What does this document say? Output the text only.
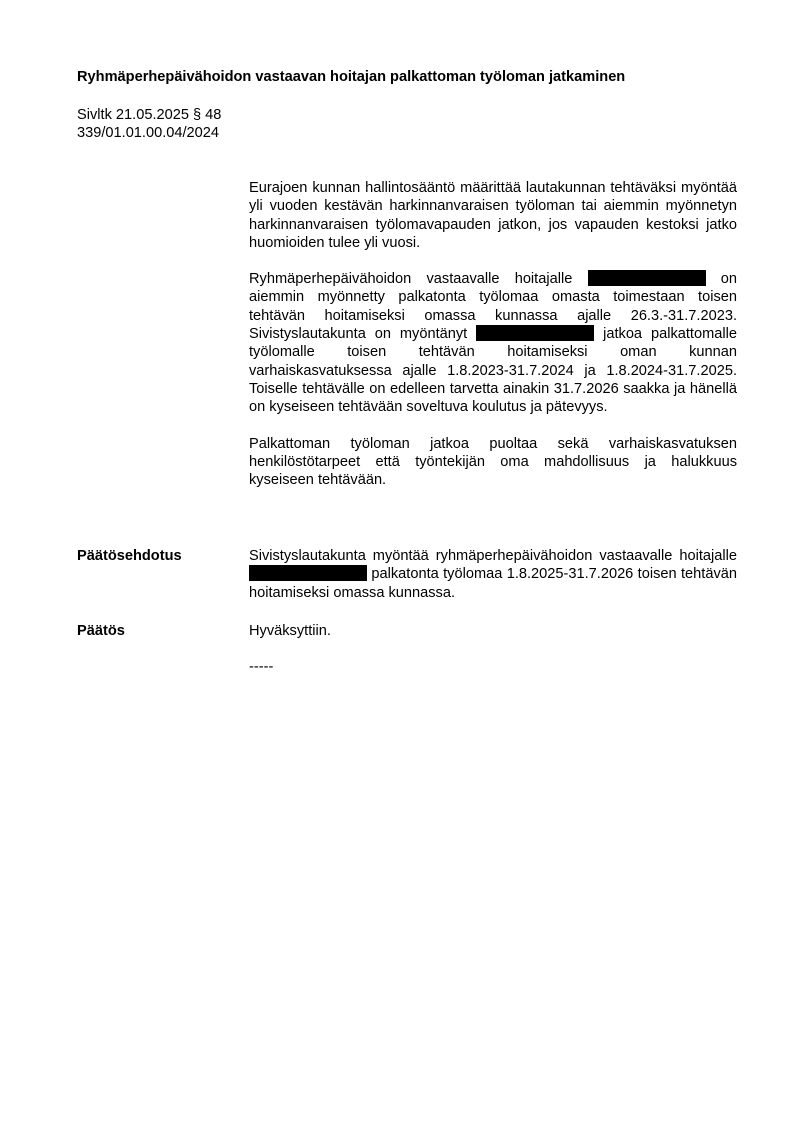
Ryhmäperhepäivähoidon vastaavan hoitajan palkattoman työloman jatkaminen
Sivltk 21.05.2025 § 48
339/01.01.00.04/2024

Eurajoen kunnan hallintosääntö määrittää lautakunnan tehtäväksi myöntää yli vuoden kestävän harkinnanvaraisen työloman tai aiemmin myönnetyn harkinnanvaraisen työlomavapauden jatkon, jos vapauden kestoksi jatko huomioiden tulee yli vuosi.

Ryhmäperhepäivähoidon vastaavalle hoitajalle	on aiemmin myönnetty palkatonta työlomaa omasta toimestaan toisen tehtävän hoitamiseksi omassa kunnassa ajalle 26.3.-31.7.2023. Sivistyslautakunta on myöntänyt	jatkoa palkattomalle työlomalle toisen tehtävän hoitamiseksi oman kunnan varhaiskasvatuksessa ajalle 1.8.2023-31.7.2024 ja 1.8.2024-31.7.2025. Toiselle tehtävälle on edelleen tarvetta ainakin 31.7.2026 saakka ja hänellä on kyseiseen tehtävään soveltuva koulutus ja pätevyys.

Palkattoman työloman jatkoa puoltaa sekä varhaiskasvatuksen henkilöstötarpeet että työntekijän oma mahdollisuus ja halukkuus kyseiseen tehtävään.

Päätösehdotus	Sivistyslautakunta myöntää ryhmäperhepäivähoidon vastaavalle hoitajalle  palkatonta työlomaa 1.8.2025-31.7.2026 toisen tehtävän hoitamiseksi omassa kunnassa.

Päätös	Hyväksyttiin.
-----
